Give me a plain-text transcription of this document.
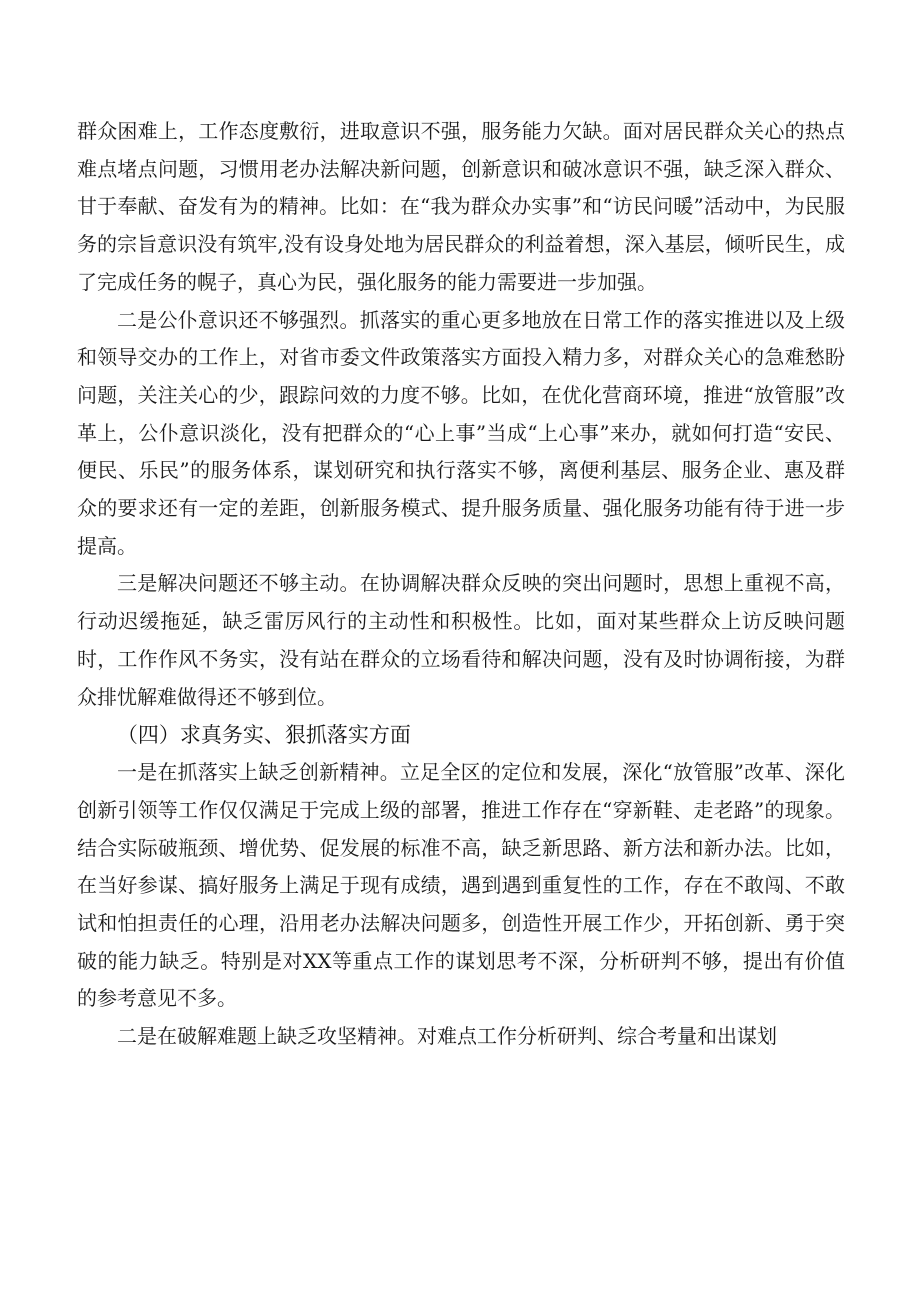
群众困难上，工作态度敷衍，进取意识不强，服务能力欠缺。面对居民群众关心的热点难点堵点问题，习惯用老办法解决新问题，创新意识和破冰意识不强，缺乏深入群众、甘于奉献、奋发有为的精神。比如：在“我为群众办实事”和“访民问暖”活动中，为民服务的宗旨意识没有筑牢,没有设身处地为居民群众的利益着想，深入基层，倾听民生，成了完成任务的幌子，真心为民，强化服务的能力需要进一步加强。

二是公仆意识还不够强烈。抓落实的重心更多地放在日常工作的落实推进以及上级和领导交办的工作上，对省市委文件政策落实方面投入精力多，对群众关心的急难愁盼问题，关注关心的少，跟踪问效的力度不够。比如，在优化营商环境，推进“放管服”改革上，公仆意识淡化，没有把群众的“心上事”当成“上心事”来办，就如何打造“安民、便民、乐民”的服务体系，谋划研究和执行落实不够，离便利基层、服务企业、惠及群众的要求还有一定的差距，创新服务模式、提升服务质量、强化服务功能有待于进一步提高。

三是解决问题还不够主动。在协调解决群众反映的突出问题时，思想上重视不高，行动迟缓拖延，缺乏雷厉风行的主动性和积极性。比如，面对某些群众上访反映问题时，工作作风不务实，没有站在群众的立场看待和解决问题，没有及时协调衔接，为群众排忧解难做得还不够到位。

（四）求真务实、狠抓落实方面

一是在抓落实上缺乏创新精神。立足全区的定位和发展，深化“放管服”改革、深化创新引领等工作仅仅满足于完成上级的部署，推进工作存在“穿新鞋、走老路”的现象。结合实际破瓶颈、增优势、促发展的标准不高，缺乏新思路、新方法和新办法。比如，在当好参谋、搞好服务上满足于现有成绩，遇到遇到重复性的工作，存在不敢闯、不敢试和怕担责任的心理，沿用老办法解决问题多，创造性开展工作少，开拓创新、勇于突破的能力缺乏。特别是对XX等重点工作的谋划思考不深，分析研判不够，提出有价值的参考意见不多。

二是在破解难题上缺乏攻坚精神。对难点工作分析研判、综合考量和出谋划
